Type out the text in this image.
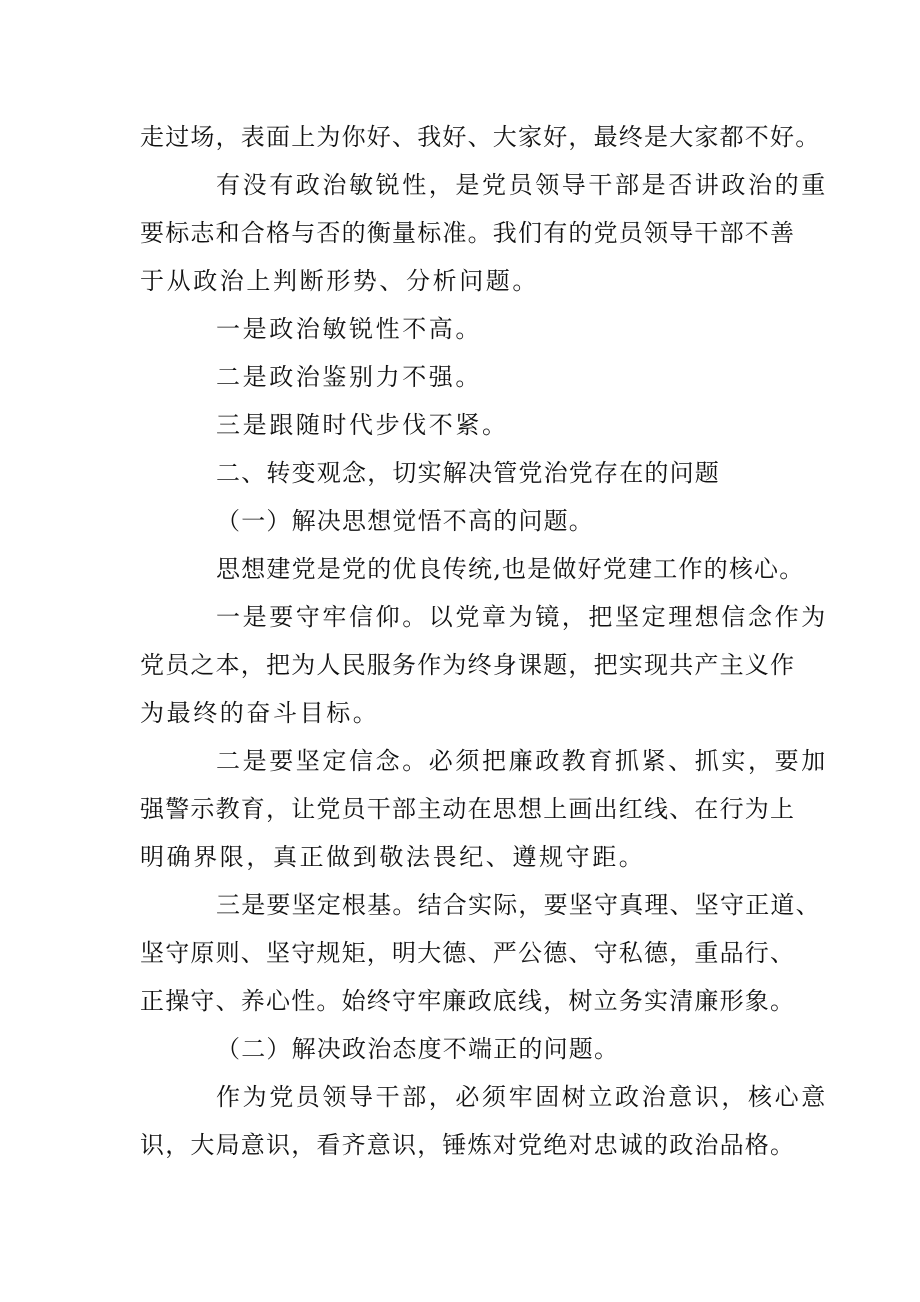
走过场，表面上为你好、我好、大家好，最终是大家都不好。
有没有政治敏锐性，是党员领导干部是否讲政治的重
要标志和合格与否的衡量标准。我们有的党员领导干部不善
于从政治上判断形势、分析问题。
一是政治敏锐性不高。
二是政治鉴别力不强。
三是跟随时代步伐不紧。
二、转变观念，切实解决管党治党存在的问题
（一）解决思想觉悟不高的问题。
思想建党是党的优良传统,也是做好党建工作的核心。
一是要守牢信仰。以党章为镜，把坚定理想信念作为
党员之本，把为人民服务作为终身课题，把实现共产主义作
为最终的奋斗目标。
二是要坚定信念。必须把廉政教育抓紧、抓实，要加
强警示教育，让党员干部主动在思想上画出红线、在行为上
明确界限，真正做到敬法畏纪、遵规守距。
三是要坚定根基。结合实际，要坚守真理、坚守正道、
坚守原则、坚守规矩，明大德、严公德、守私德，重品行、
正操守、养心性。始终守牢廉政底线，树立务实清廉形象。
（二）解决政治态度不端正的问题。
作为党员领导干部，必须牢固树立政治意识，核心意
识，大局意识，看齐意识，锤炼对党绝对忠诚的政治品格。
